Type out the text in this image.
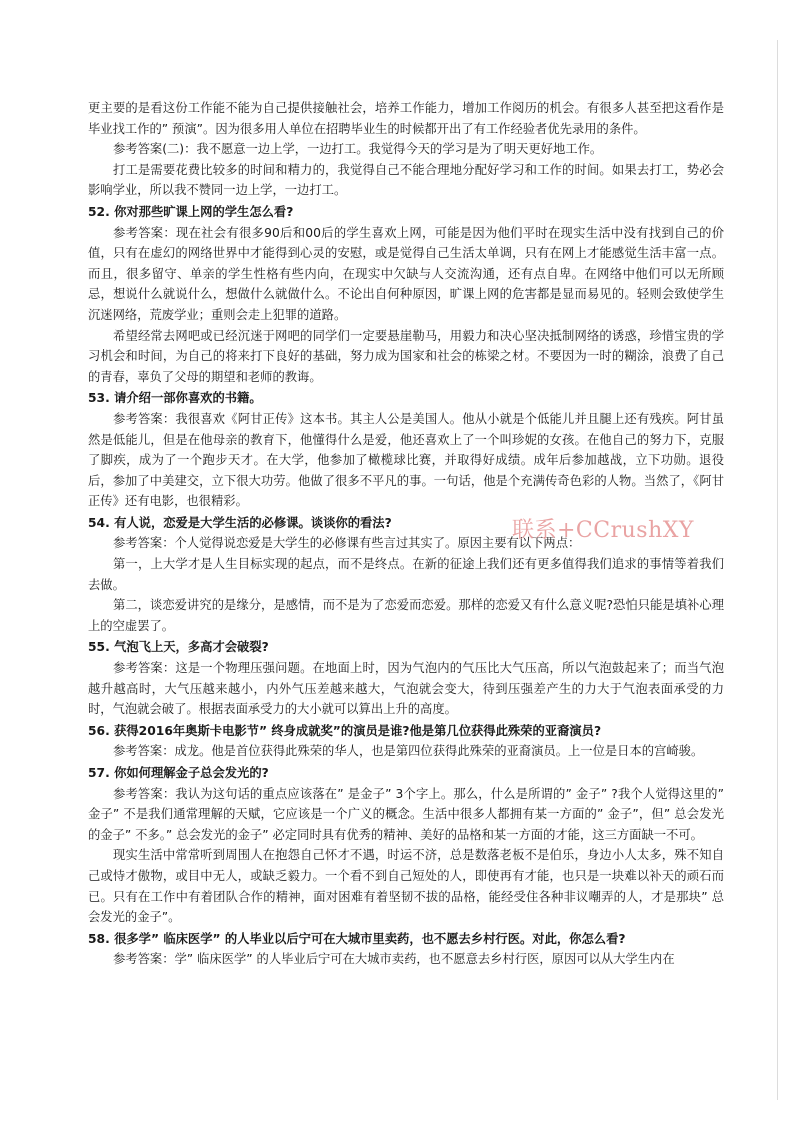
更主要的是看这份工作能不能为自己提供接触社会，培养工作能力，增加工作阅历的机会。有很多人甚至把这看作是毕业找工作的” 预演”。因为很多用人单位在招聘毕业生的时候都开出了有工作经验者优先录用的条件。

参考答案(二)：我不愿意一边上学，一边打工。我觉得今天的学习是为了明天更好地工作。

打工是需要花费比较多的时间和精力的，我觉得自己不能合理地分配好学习和工作的时间。如果去打工，势必会影响学业，所以我不赞同一边上学，一边打工。

52. 你对那些旷课上网的学生怎么看?

参考答案：现在社会有很多90后和00后的学生喜欢上网，可能是因为他们平时在现实生活中没有找到自己的价值，只有在虚幻的网络世界中才能得到心灵的安慰，或是觉得自己生活太单调，只有在网上才能感觉生活丰富一点。而且，很多留守、单亲的学生性格有些内向，在现实中欠缺与人交流沟通，还有点自卑。在网络中他们可以无所顾忌，想说什么就说什么，想做什么就做什么。不论出自何种原因，旷课上网的危害都是显而易见的。轻则会致使学生沉迷网络，荒废学业；重则会走上犯罪的道路。

希望经常去网吧或已经沉迷于网吧的同学们一定要悬崖勒马，用毅力和决心坚决抵制网络的诱惑，珍惜宝贵的学习机会和时间，为自己的将来打下良好的基础，努力成为国家和社会的栋梁之材。不要因为一时的糊涂，浪费了自己的青春，辜负了父母的期望和老师的教诲。

53. 请介绍一部你喜欢的书籍。

参考答案：我很喜欢《阿甘正传》这本书。其主人公是美国人。他从小就是个低能儿并且腿上还有残疾。阿甘虽然是低能儿，但是在他母亲的教育下，他懂得什么是爱，他还喜欢上了一个叫珍妮的女孩。在他自己的努力下，克服了脚疾，成为了一个跑步天才。在大学，他参加了橄榄球比赛，并取得好成绩。成年后参加越战，立下功勋。退役后，参加了中美建交，立下很大功劳。他做了很多不平凡的事。一句话，他是个充满传奇色彩的人物。当然了，《阿甘正传》还有电影，也很精彩。

54. 有人说，恋爱是大学生活的必修课。谈谈你的看法?

参考答案：个人觉得说恋爱是大学生的必修课有些言过其实了。原因主要有以下两点：

第一，上大学才是人生目标实现的起点，而不是终点。在新的征途上我们还有更多值得我们追求的事情等着我们去做。

第二，谈恋爱讲究的是缘分，是感情，而不是为了恋爱而恋爱。那样的恋爱又有什么意义呢?恐怕只能是填补心理上的空虚罢了。

55. 气泡飞上天，多高才会破裂?

参考答案：这是一个物理压强问题。在地面上时，因为气泡内的气压比大气压高，所以气泡鼓起来了；而当气泡越升越高时，大气压越来越小，内外气压差越来越大，气泡就会变大，待到压强差产生的力大于气泡表面承受的力时，气泡就会破了。根据表面承受力的大小就可以算出上升的高度。

56. 获得2016年奥斯卡电影节” 终身成就奖”的演员是谁?他是第几位获得此殊荣的亚裔演员?

参考答案：成龙。他是首位获得此殊荣的华人，也是第四位获得此殊荣的亚裔演员。上一位是日本的宫崎骏。

57. 你如何理解金子总会发光的?

参考答案：我认为这句话的重点应该落在” 是金子” 3个字上。那么，什么是所谓的” 金子” ?我个人觉得这里的” 金子” 不是我们通常理解的天赋，它应该是一个广义的概念。生活中很多人都拥有某一方面的” 金子”，但” 总会发光的金子” 不多。” 总会发光的金子” 必定同时具有优秀的精神、美好的品格和某一方面的才能，这三方面缺一不可。

现实生活中常常听到周围人在抱怨自己怀才不遇，时运不济，总是数落老板不是伯乐，身边小人太多，殊不知自己或恃才傲物，或目中无人，或缺乏毅力。一个看不到自己短处的人，即使再有才能，也只是一块难以补天的顽石而已。只有在工作中有着团队合作的精神，面对困难有着坚韧不拔的品格，能经受住各种非议嘲弄的人，才是那块” 总会发光的金子”。

58. 很多学” 临床医学” 的人毕业以后宁可在大城市里卖药，也不愿去乡村行医。对此，你怎么看?

参考答案：学” 临床医学” 的人毕业后宁可在大城市卖药，也不愿意去乡村行医，原因可以从大学生内在

联系+CCrushXY
